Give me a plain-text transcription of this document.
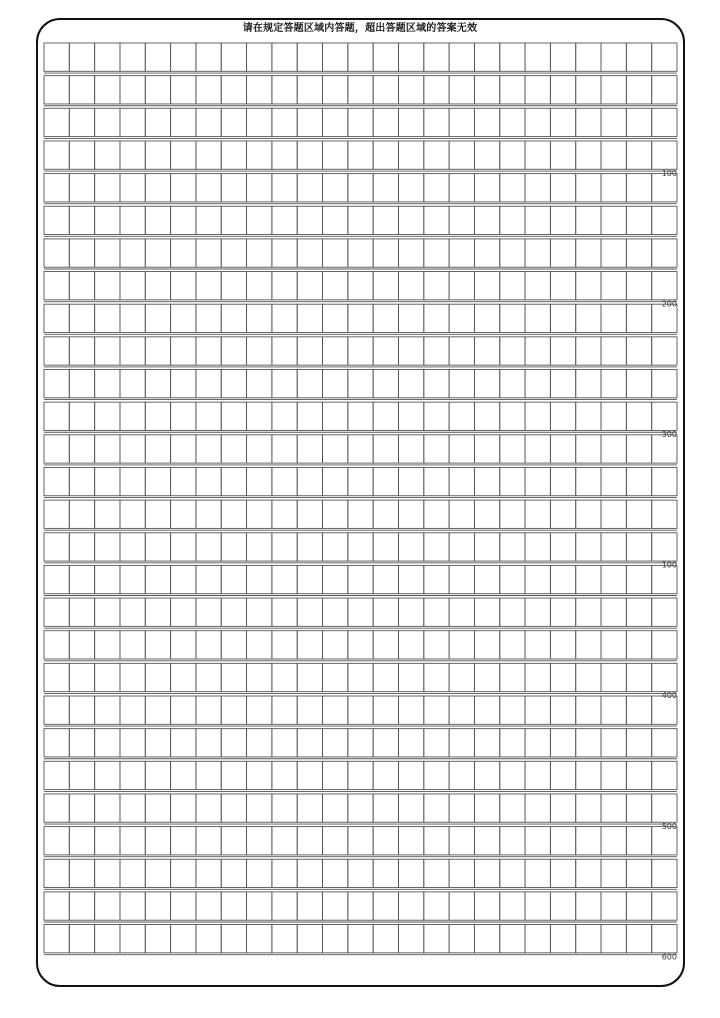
请在规定答题区域内答题，超出答题区域的答案无效
100
200
300
100
400
500
600
